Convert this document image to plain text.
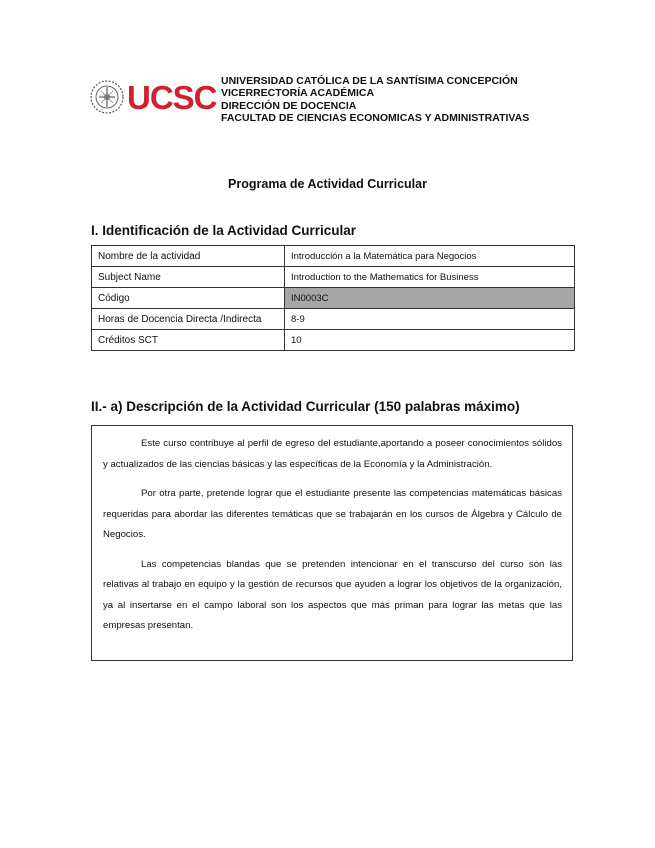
UCSC UNIVERSIDAD CATÓLICA DE LA SANTÍSIMA CONCEPCIÓN
VICERRECTORÍA ACADÉMICA
DIRECCIÓN DE DOCENCIA
FACULTAD DE CIENCIAS ECONOMICAS Y ADMINISTRATIVAS
Programa de Actividad Curricular
I. Identificación de la Actividad Curricular
Nombre de la actividad	Introducción a la Matemática para Negocios
Subject Name	Introduction to the Mathematics for Business
Código	IN0003C
Horas de Docencia Directa /Indirecta	8-9
Créditos SCT	10
II.- a) Descripción de la Actividad Curricular (150 palabras máximo)

Este curso contribuye al perfil de egreso del estudiante,aportando a poseer conocimientos sólidos y actualizados de las ciencias básicas y las específicas de la Economía y la Administración.

Por otra parte, pretende lograr que el estudiante presente las competencias matemáticas básicas requeridas para abordar las diferentes temáticas que se trabajarán en los cursos de Álgebra y Cálculo de Negocios.

Las competencias blandas que se pretenden intencionar en el transcurso del curso son las relativas al trabajo en equipo y la gestión de recursos que ayuden a lograr los objetivos de la organización, ya al insertarse en el campo laboral son los aspectos que más priman para lograr las metas que las empresas presentan.
